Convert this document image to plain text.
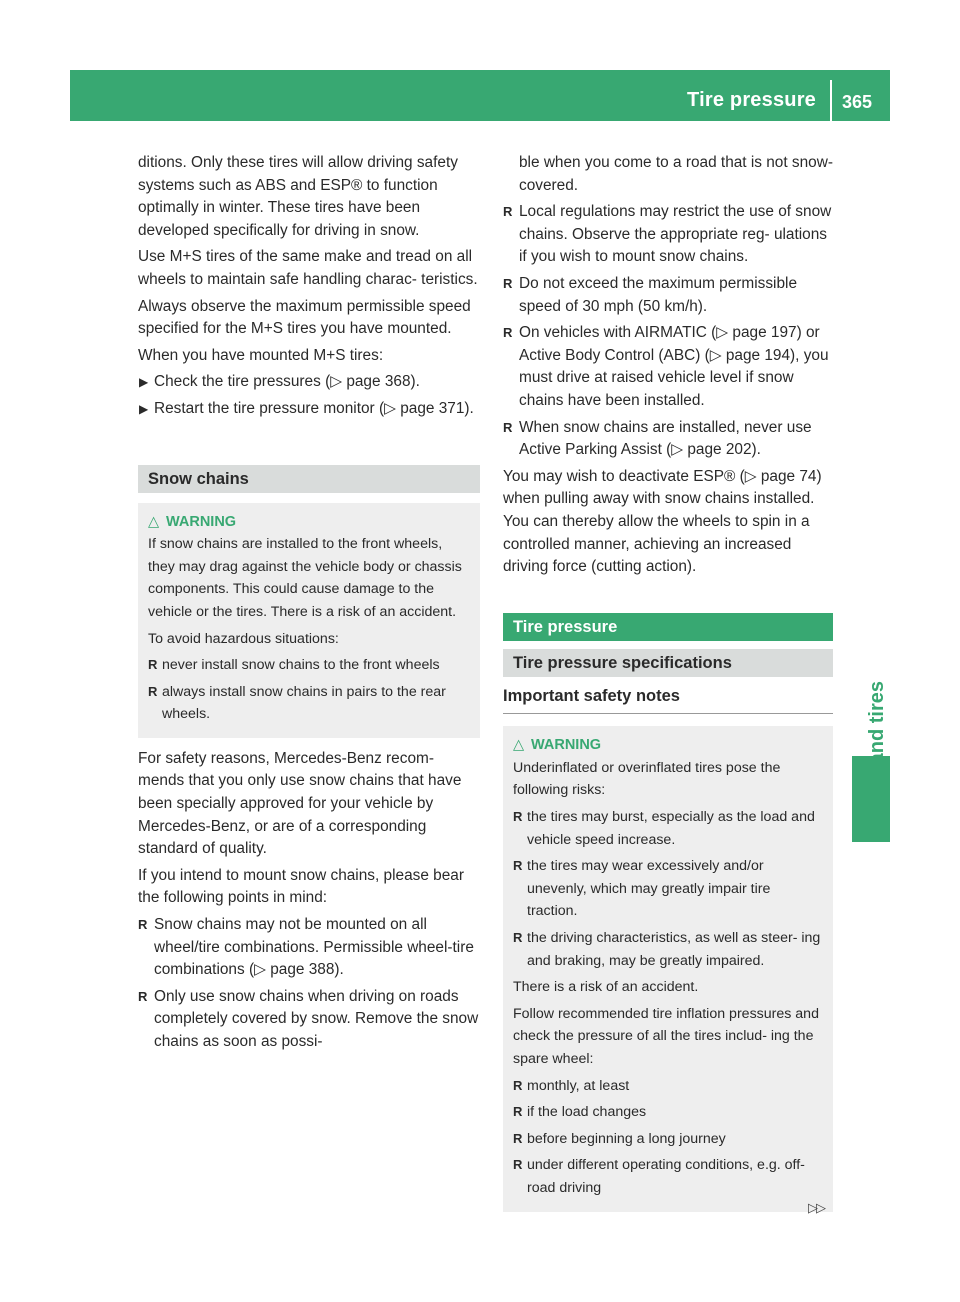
Tire pressure 365

ditions. Only these tires will allow driving safety systems such as ABS and ESP® to function optimally in winter. These tires have been developed specifically for driving in snow.

Use M+S tires of the same make and tread on all wheels to maintain safe handling charac- teristics.

Always observe the maximum permissible speed specified for the M+S tires you have mounted.

When you have mounted M+S tires:

▶ Check the tire pressures (▷ page 368).
▶ Restart the tire pressure monitor (▷ page 371).
Snow chains
△ WARNING

If snow chains are installed to the front wheels, they may drag against the vehicle body or chassis components. This could cause damage to the vehicle or the tires. There is a risk of an accident.

To avoid hazardous situations:

R never install snow chains to the front wheels
R always install snow chains in pairs to the rear wheels.

For safety reasons, Mercedes-Benz recom- mends that you only use snow chains that have been specially approved for your vehicle by Mercedes-Benz, or are of a corresponding standard of quality.

If you intend to mount snow chains, please bear the following points in mind:

R Snow chains may not be mounted on all wheel/tire combinations. Permissible wheel-tire combinations (▷ page 388).
R Only use snow chains when driving on roads completely covered by snow. Remove the snow chains as soon as possi-
ble when you come to a road that is not snow-covered.
R Local regulations may restrict the use of snow chains. Observe the appropriate reg- ulations if you wish to mount snow chains.
R Do not exceed the maximum permissible speed of 30 mph (50 km/h).
R On vehicles with AIRMATIC (▷ page 197) or Active Body Control (ABC) (▷ page 194), you must drive at raised vehicle level if snow chains have been installed.
R When snow chains are installed, never use Active Parking Assist (▷ page 202).

You may wish to deactivate ESP® (▷ page 74) when pulling away with snow chains installed. You can thereby allow the wheels to spin in a controlled manner, achieving an increased driving force (cutting action).

Tire pressure
Tire pressure specifications
Important safety notes
△ WARNING

Underinflated or overinflated tires pose the following risks:

R the tires may burst, especially as the load and vehicle speed increase.
R the tires may wear excessively and/or unevenly, which may greatly impair tire traction.
R the driving characteristics, as well as steer- ing and braking, may be greatly impaired.

There is a risk of an accident.

Follow recommended tire inflation pressures and check the pressure of all the tires includ- ing the spare wheel:

R monthly, at least
R if the load changes
R before beginning a long journey
R under different operating conditions, e.g. off-road driving
▷▷
